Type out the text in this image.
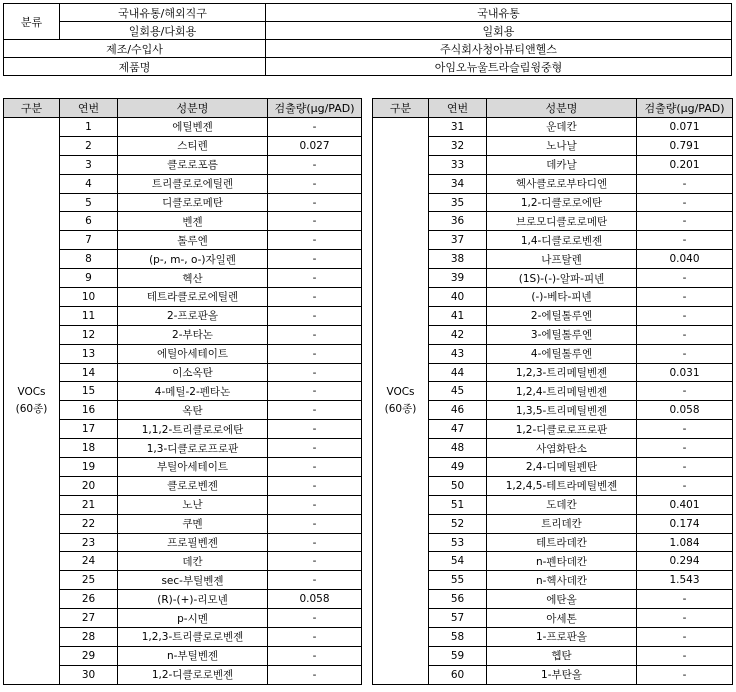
분류	국내유통/해외직구	국내유통
	일회용/다회용	일회용
제조/수입사		주식회사청아뷰티앤헬스
제품명		아임오뉴울트라슬림윙중형
구분	연번	성분명	검출량(μg/PAD)

VOCs
(60종)	1	에틸벤젠	-
	2	스티렌	0.027
	3	클로로포름	-
	4	트리클로로에틸렌	-
	5	디클로로메탄	-
	6	벤젠	-
	7	톨루엔	-
	8	(p-, m-, o-)자일렌	-
	9	헥산	-
	10	테트라클로로에틸렌	-
	11	2-프로판올	-
	12	2-부타논	-
	13	에틸아세테이트	-
	14	이소옥탄	-
	15	4-메틸-2-펜타논	-
	16	옥탄	-
	17	1,1,2-트리클로로에탄	-
	18	1,3-디클로로프로판	-
	19	부틸아세테이트	-
	20	클로로벤젠	-
	21	노난	-
	22	쿠멘	-
	23	프로필벤젠	-
	24	데칸	-
	25	sec-부틸벤젠	-
	26	(R)-(+)-리모넨	0.058
	27	p-시멘	-
	28	1,2,3-트리클로로벤젠	-
	29	n-부틸벤젠	-
	30	1,2-디클로로벤젠	-
구분	연번	성분명	검출량(μg/PAD)

VOCs
(60종)	31	운데칸	0.071
	32	노나날	0.791
	33	데카날	0.201
	34	헥사클로로부타디엔	-
	35	1,2-디클로로에탄	-
	36	브로모디클로로메탄	-
	37	1,4-디클로로벤젠	-
	38	나프탈렌	0.040
	39	(1S)-(-)-알파-피넨	-
	40	(-)-베타-피넨	-
	41	2-에틸톨루엔	-
	42	3-에틸톨루엔	-
	43	4-에틸톨루엔	-
	44	1,2,3-트리메틸벤젠	0.031
	45	1,2,4-트리메틸벤젠	-
	46	1,3,5-트리메틸벤젠	0.058
	47	1,2-디클로로프로판	-
	48	사염화탄소	-
	49	2,4-디메틸펜탄	-
	50	1,2,4,5-테트라메틸벤젠	-
	51	도데칸	0.401
	52	트리데칸	0.174
	53	테트라데칸	1.084
	54	n-펜타데칸	0.294
	55	n-헥사데칸	1.543
	56	에탄올	-
	57	아세톤	-
	58	1-프로판올	-
	59	헵탄	-
	60	1-부탄올	-
